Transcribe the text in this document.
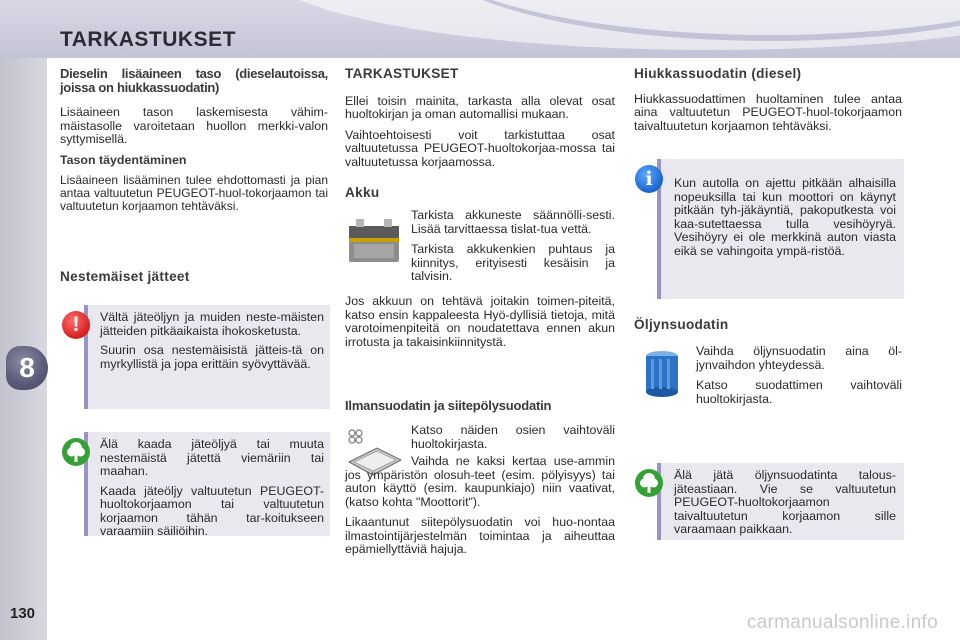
TARKASTUKSET
8
130	carmanualsonline.info

Dieselin lisäaineen taso (dieselautoissa, joissa on hiukkassuodatin)

Lisäaineen tason laskemisesta vähim-mäistasolle varoitetaan huollon merkki-valon syttymisellä.

Tason täydentäminen

Lisäaineen lisääminen tulee ehdottomasti ja pian antaa valtuutetun PEUGEOT-huol-tokorjaamon tai valtuutetun korjaamon tehtäväksi.

Nestemäiset jätteet

!	Vältä jäteöljyn ja muiden neste-mäisten jätteiden pitkäaikaista ihokosketusta.

Suurin osa nestemäisistä jätteis-tä on myrkyllistä ja jopa erittäin syövyttävää.

Älä kaada jäteöljyä tai muuta nestemäistä jätettä viemäriin tai maahan.

Kaada jäteöljy valtuutetun PEUGEOT-huoltokorjaamon tai valtuutetun korjaamon tähän tar-koitukseen varaamiin säiliöihin.

TARKASTUKSET

Ellei toisin mainita, tarkasta alla olevat osat huoltokirjan ja oman automallisi mukaan.

Vaihtoehtoisesti voit tarkistuttaa osat valtuutetussa PEUGEOT-huoltokorjaa-mossa tai valtuutetussa korjaamossa.

Akku

Tarkista akkuneste säännölli-sesti. Lisää tarvittaessa tislat-tua vettä.

Tarkista akkukenkien puhtaus ja kiinnitys, erityisesti kesäisin ja talvisin.

Jos akkuun on tehtävä joitakin toimen-piteitä, katso ensin kappaleesta Hyö-dyllisiä tietoja, mitä varotoimenpiteitä on noudatettava ennen akun irrotusta ja takaisinkiinnitystä.

Ilmansuodatin ja siitepölysuodatin

Katso näiden osien vaihtoväli huoltokirjasta.

Vaihda ne kaksi kertaa use-ammin jos ympäristön olosuh-teet (esim. pölyisyys) tai auton käyttö (esim. kaupunkiajo) niin vaativat, (katso kohta "Moottorit").

Likaantunut siitepölysuodatin voi huo-nontaa ilmastointijärjestelmän toimintaa ja aiheuttaa epämiellyttäviä hajuja.

Hiukkassuodatin (diesel)

Hiukkassuodattimen huoltaminen tulee antaa aina valtuutetun PEUGEOT-huol-tokorjaamon taivaltuutetun korjaamon tehtäväksi.

i	Kun autolla on ajettu pitkään alhaisilla nopeuksilla tai kun moottori on käynyt pitkään tyh-jäkäyntiä, pakoputkesta voi kaa-sutettaessa tulla vesihöyryä. Vesihöyry ei ole merkkinä auton viasta eikä se vahingoita ympä-ristöä.

Öljynsuodatin

Vaihda öljynsuodatin aina öl-jynvaihdon yhteydessä.

Katso suodattimen vaihtoväli huoltokirjasta.

Älä jätä öljynsuodatinta talous-jäteastiaan. Vie se valtuutetun PEUGEOT-huoltokorjaamon taivaltuutetun korjaamon sille varaamaan paikkaan.
